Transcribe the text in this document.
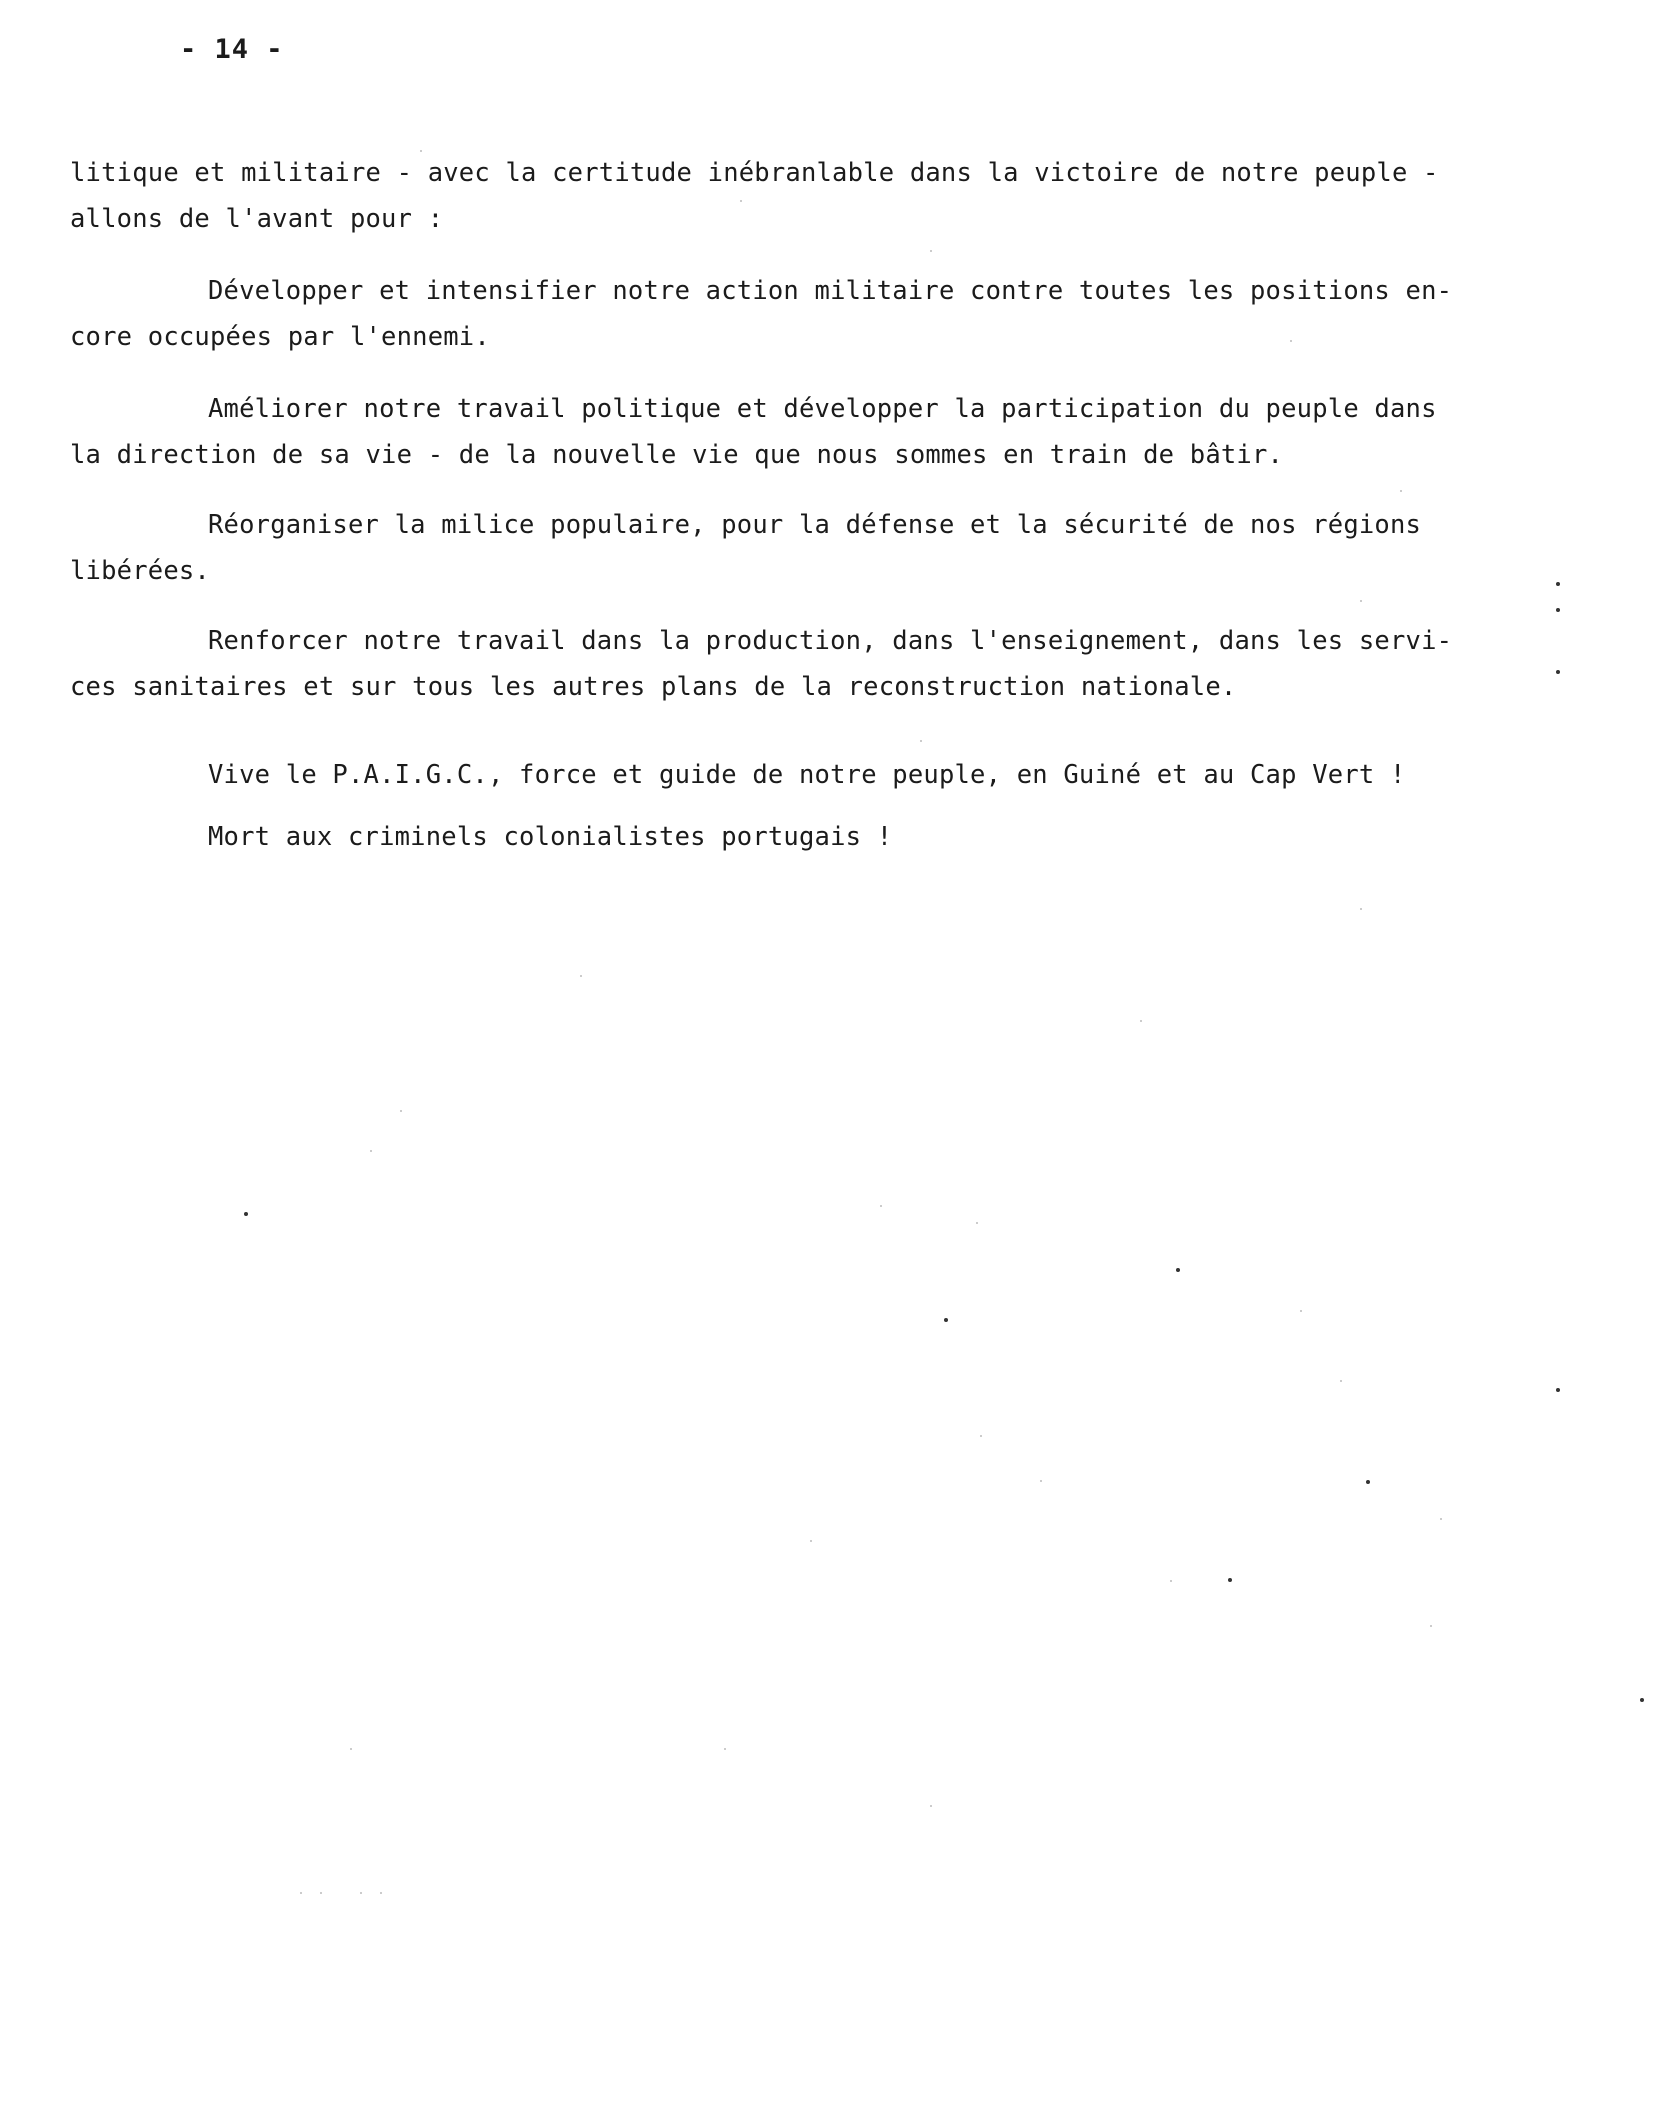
- 14 -
litique et militaire - avec la certitude inébranlable dans la victoire de notre peuple -
allons de l'avant pour :
Développer et intensifier notre action militaire contre toutes les positions en-
core occupées par l'ennemi.
Améliorer notre travail politique et développer la participation du peuple dans
la direction de sa vie - de la nouvelle vie que nous sommes en train de bâtir.
Réorganiser la milice populaire, pour la défense et la sécurité de nos régions
libérées.
Renforcer notre travail dans la production, dans l'enseignement, dans les servi-
ces sanitaires et sur tous les autres plans de la reconstruction nationale.
Vive le P.A.I.G.C., force et guide de notre peuple, en Guiné et au Cap Vert !
Mort aux criminels colonialistes portugais !
